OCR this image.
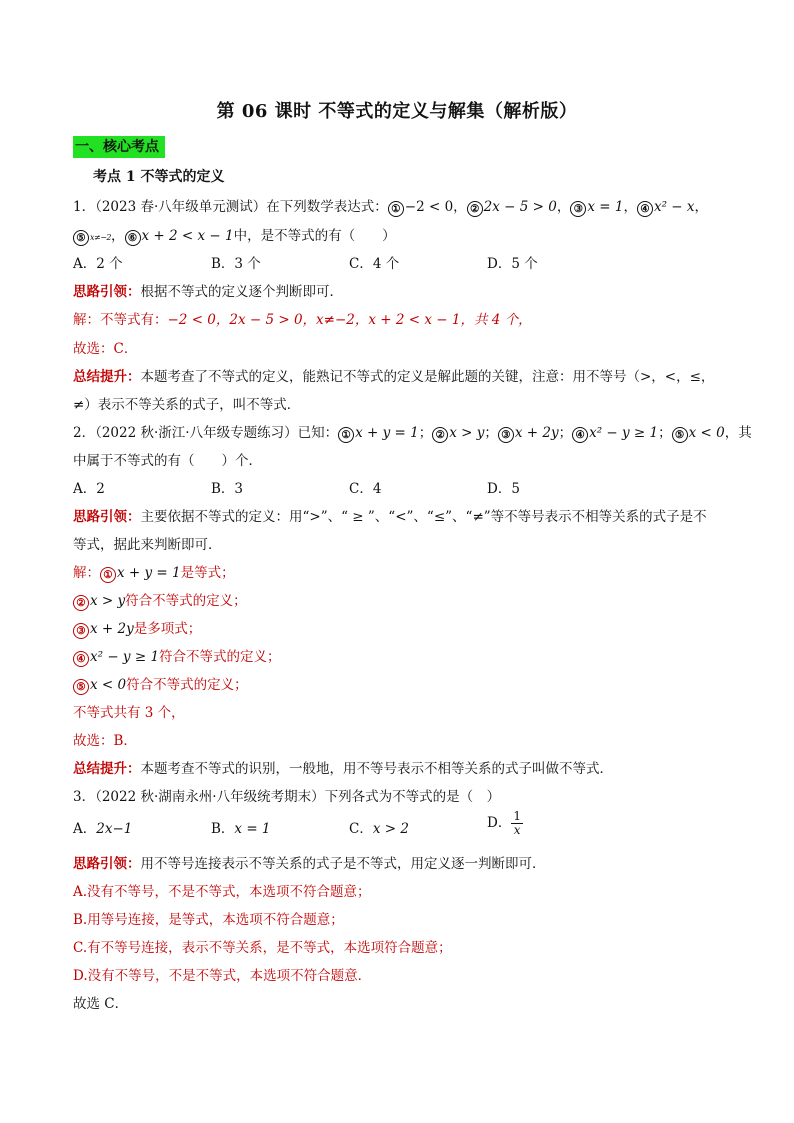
第 06 课时 不等式的定义与解集（解析版）
一、核心考点
考点 1 不等式的定义
1．（2023 春·八年级单元测试）在下列数学表达式： ① −2 < 0， ② 2x − 5 > 0， ③ x = 1， ④ x² − x，
⑤ x≠−2， ⑥ x + 2 < x − 1中，是不等式的有（　　）
A．2 个	B．3 个	C．4 个	D．5 个
思路引领：根据不等式的定义逐个判断即可．
解：不等式有：−2 < 0，2x − 5 > 0，x≠−2，x + 2 < x − 1，共 4 个，
故选：C．
总结提升：本题考查了不等式的定义，能熟记不等式的定义是解此题的关键，注意：用不等号（>，<，≤，
≠）表示不等关系的式子，叫不等式．
2．（2022 秋·浙江·八年级专题练习）已知： ① x + y = 1； ② x > y； ③ x + 2y； ④ x² − y ≥ 1； ⑤ x < 0，其
中属于不等式的有（　　）个．
A．2	B．3	C．4	D．5
思路引领：主要依据不等式的定义：用“>”、“ ≥ ”、“<”、“≤”、“≠”等不等号表示不相等关系的式子是不
等式，据此来判断即可．
解： ① x + y = 1是等式；
② x > y符合不等式的定义；
③ x + 2y是多项式；
④ x² − y ≥ 1符合不等式的定义；
⑤ x < 0符合不等式的定义；
不等式共有 3 个，
故选：B．
总结提升：本题考查不等式的识别，一般地，用不等号表示不相等关系的式子叫做不等式．
3．（2022 秋·湖南永州·八年级统考期末）下列各式为不等式的是（　）
A．2x−1	B．x = 1	C．x > 2	D． $\frac{1}{x}$
思路引领：用不等号连接表示不等关系的式子是不等式，用定义逐一判断即可．
A.没有不等号，不是不等式，本选项不符合题意；
B.用等号连接，是等式，本选项不符合题意；
C.有不等号连接，表示不等关系，是不等式，本选项符合题意；
D.没有不等号，不是不等式，本选项不符合题意．
故选 C．
